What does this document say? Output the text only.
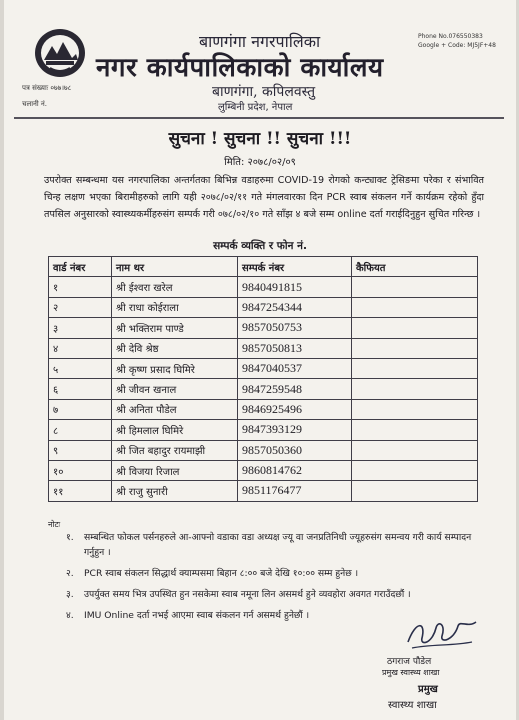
बाणगंगा नगरपालिका
नगर कार्यपालिकाको कार्यालय
बाणगंगा, कपिलवस्तु
लुम्बिनी प्रदेश, नेपाल
Phone No.076550383
Google + Code: MJ5JF+48
पत्र संख्याः ०७७।७८
चलानी नं.
सुचना ! सुचना !! सुचना !!!
मिति: २०७८/०२/०९
उपरोक्त सम्बन्धमा यस नगरपालिका अन्तर्गतका बिभिन्न वडाहरुमा COVID-19 रोगको कन्ट्याक्ट ट्रेसिङमा परेका र संभावित चिन्ह लक्षण भएका बिरामीहरुको लागि यही २०७८/०२/११ गते मंगलवारका दिन PCR स्वाब संकलन गर्ने कार्यक्रम रहेको हुँदा तपसिल अनुसारको स्वास्थ्यकर्मीहरुसंग सम्पर्क गरी ०७८/०२/१० गते साँझ ४ बजे सम्म online दर्ता गराईदिनुहुन सुचित गरिन्छ ।
सम्पर्क व्यक्ति र फोन नं.
वार्ड नंबर	नाम थर	सम्पर्क नंबर	कैफियत
१	श्री ईश्वरा खरेल	9840491815	
२	श्री राधा कोईराला	9847254344	
३	श्री भक्तिराम पाण्डे	9857050753	
४	श्री देवि श्रेष्ठ	9857050813	
५	श्री कृष्ण प्रसाद घिमिरे	9847040537	
६	श्री जीवन खनाल	9847259548	
७	श्री अनिता पौडेल	9846925496	
८	श्री हिमलाल घिमिरे	9847393129	
९	श्री जित बहादुर रायमाझी	9857050360	
१०	श्री विजया रिजाल	9860814762	
११	श्री राजु सुनारी	9851176477	
नोटः
१. सम्बन्धित फोकल पर्सनहरुले आ-आफ्नो वडाका वडा अध्यक्ष ज्यू वा जनप्रतिनिधी ज्यूहरुसंग समन्वय गरी कार्य सम्पादन गर्नुहुन ।
२. PCR स्वाब संकलन सिद्धार्थ क्याम्पसमा बिहान ८:०० बजे देखि १०:०० सम्म हुनेछ ।
३. उपर्युक्त समय भित्र उपस्थित हुन नसकेमा स्वाब नमूना लिन असमर्थ हुने व्यवहोरा अवगत गराउँदछौं ।
४. IMU Online दर्ता नभई आएमा स्वाब संकलन गर्न असमर्थ हुनेछौं ।
ठगराज पौडेल
प्रमुख स्वास्थ्य शाखा
प्रमुख
स्वास्थ्य शाखा
